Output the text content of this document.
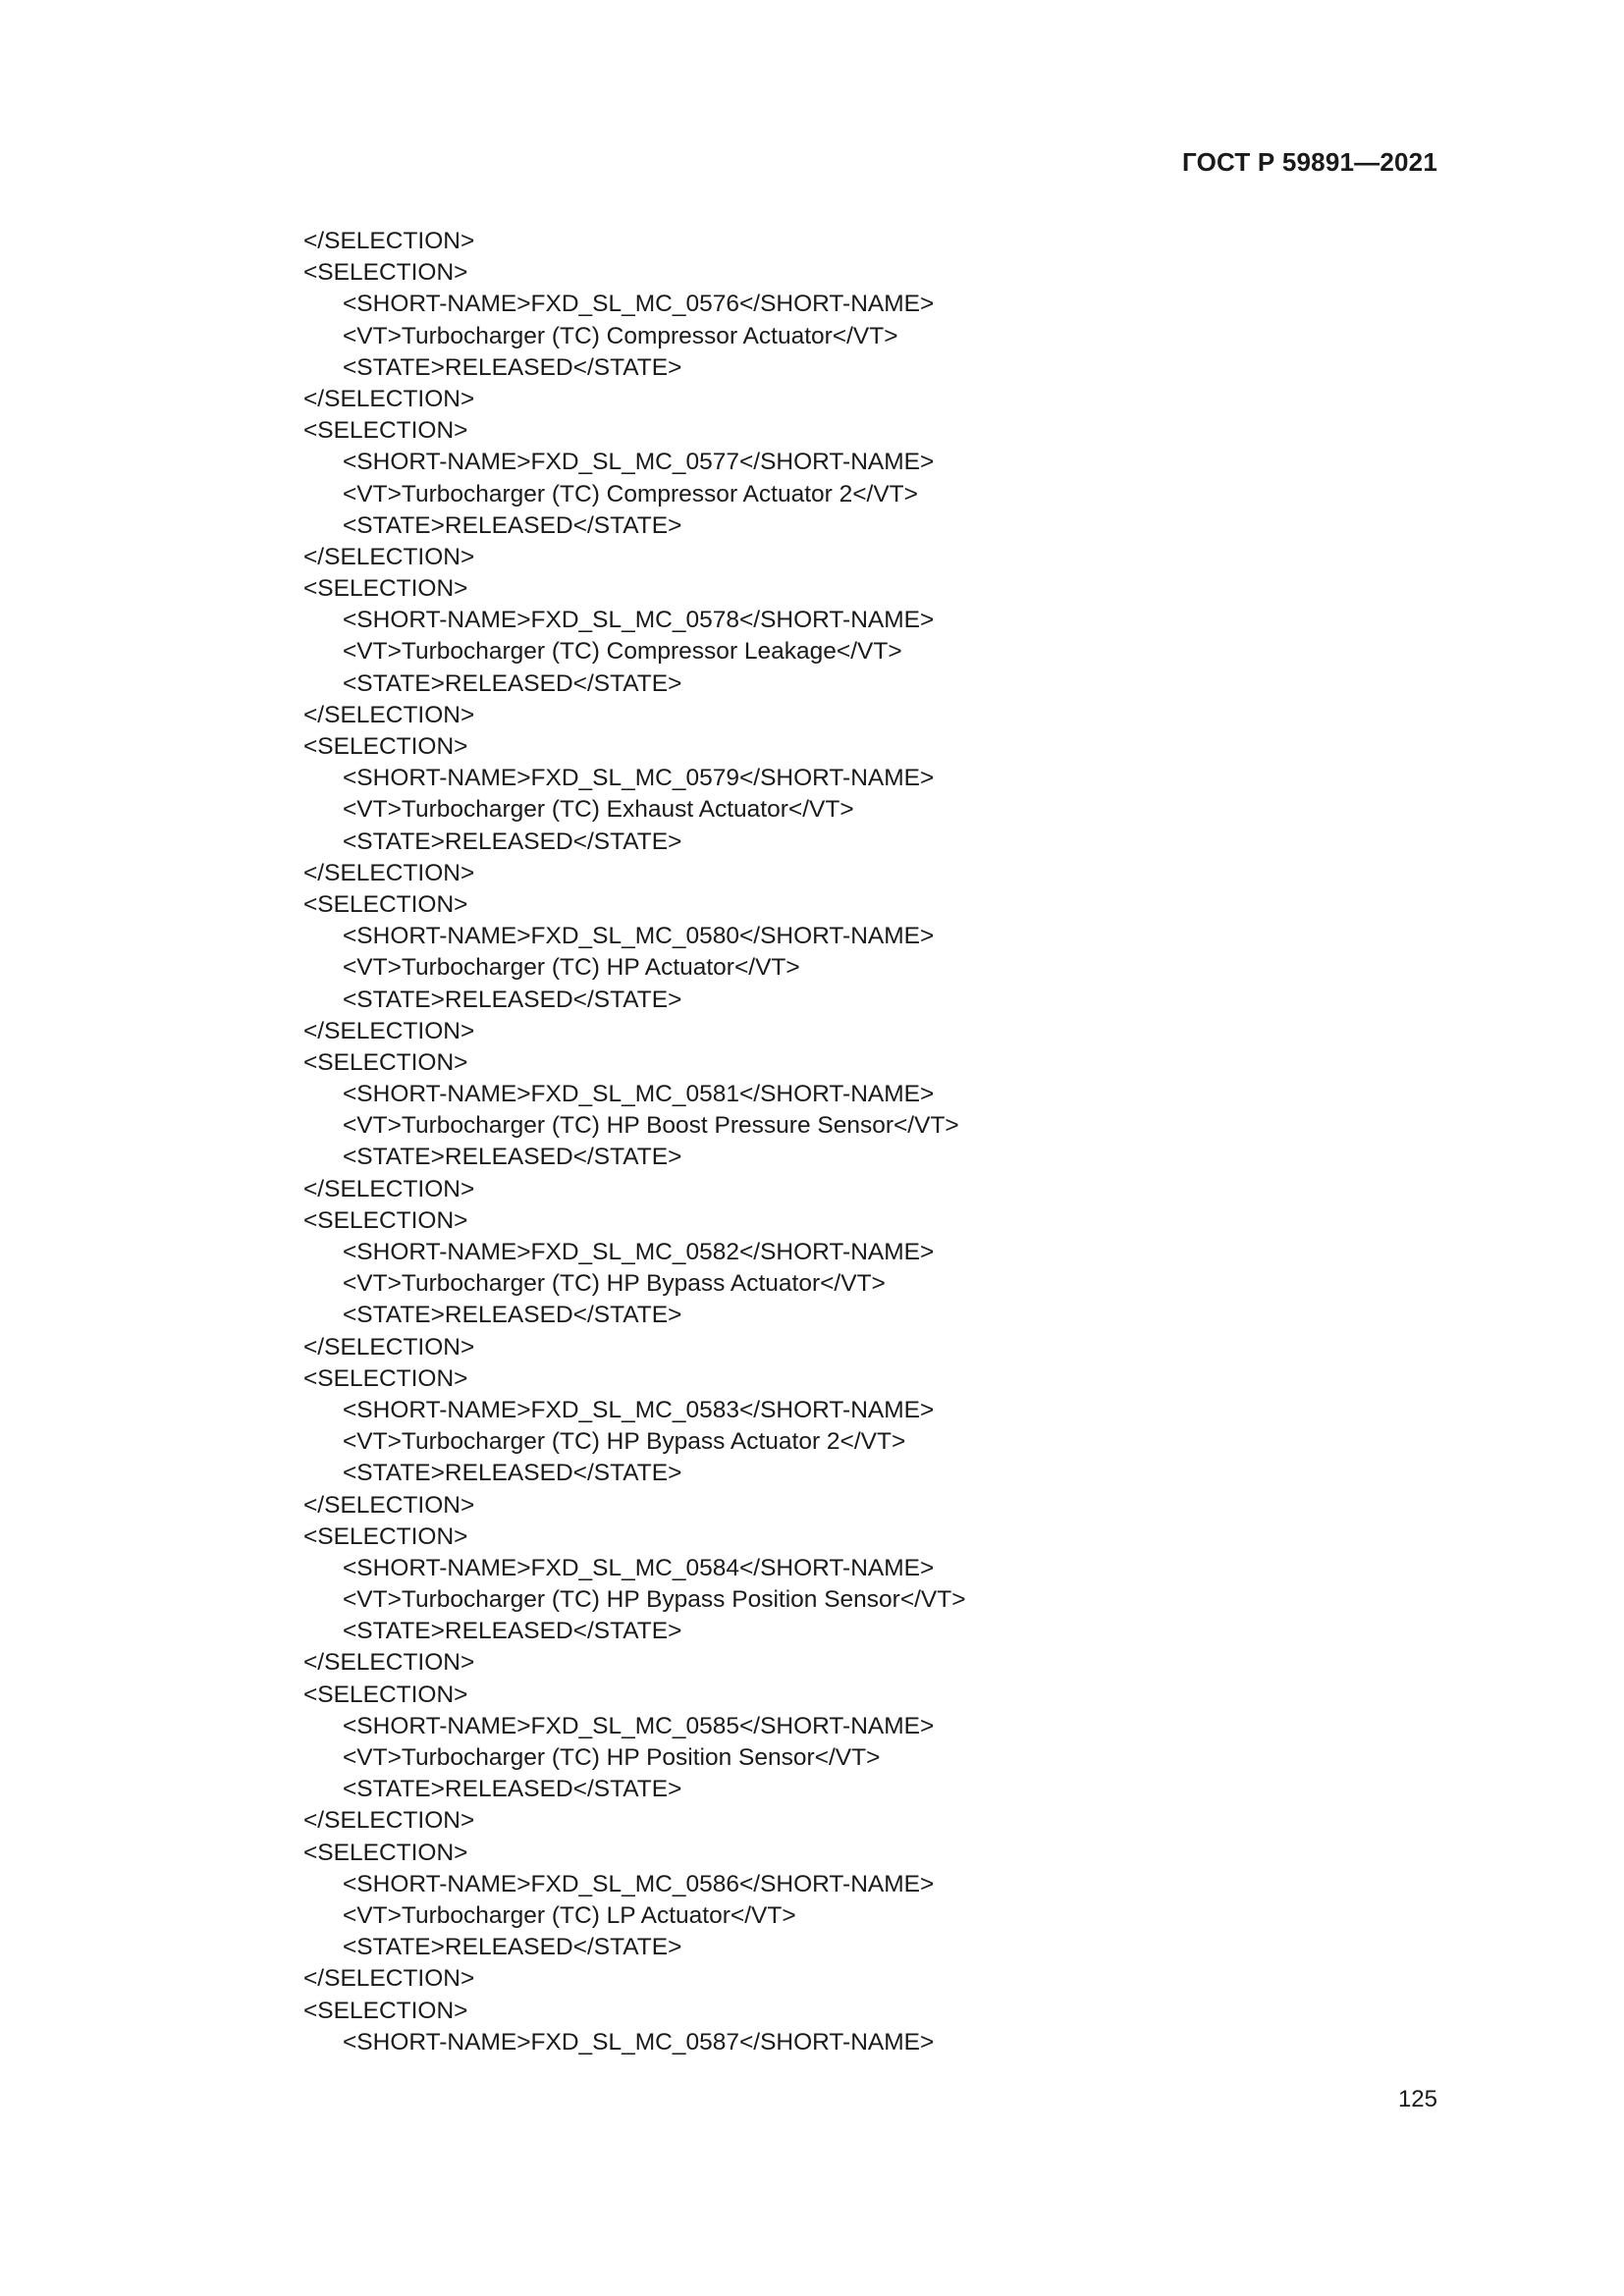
ГОСТ Р 59891—2021
</SELECTION>
<SELECTION>
<SHORT-NAME>FXD_SL_MC_0576</SHORT-NAME>
<VT>Turbocharger (TC) Compressor Actuator</VT>
<STATE>RELEASED</STATE>
</SELECTION>
<SELECTION>
<SHORT-NAME>FXD_SL_MC_0577</SHORT-NAME>
<VT>Turbocharger (TC) Compressor Actuator 2</VT>
<STATE>RELEASED</STATE>
</SELECTION>
<SELECTION>
<SHORT-NAME>FXD_SL_MC_0578</SHORT-NAME>
<VT>Turbocharger (TC) Compressor Leakage</VT>
<STATE>RELEASED</STATE>
</SELECTION>
<SELECTION>
<SHORT-NAME>FXD_SL_MC_0579</SHORT-NAME>
<VT>Turbocharger (TC) Exhaust Actuator</VT>
<STATE>RELEASED</STATE>
</SELECTION>
<SELECTION>
<SHORT-NAME>FXD_SL_MC_0580</SHORT-NAME>
<VT>Turbocharger (TC) HP Actuator</VT>
<STATE>RELEASED</STATE>
</SELECTION>
<SELECTION>
<SHORT-NAME>FXD_SL_MC_0581</SHORT-NAME>
<VT>Turbocharger (TC) HP Boost Pressure Sensor</VT>
<STATE>RELEASED</STATE>
</SELECTION>
<SELECTION>
<SHORT-NAME>FXD_SL_MC_0582</SHORT-NAME>
<VT>Turbocharger (TC) HP Bypass Actuator</VT>
<STATE>RELEASED</STATE>
</SELECTION>
<SELECTION>
<SHORT-NAME>FXD_SL_MC_0583</SHORT-NAME>
<VT>Turbocharger (TC) HP Bypass Actuator 2</VT>
<STATE>RELEASED</STATE>
</SELECTION>
<SELECTION>
<SHORT-NAME>FXD_SL_MC_0584</SHORT-NAME>
<VT>Turbocharger (TC) HP Bypass Position Sensor</VT>
<STATE>RELEASED</STATE>
</SELECTION>
<SELECTION>
<SHORT-NAME>FXD_SL_MC_0585</SHORT-NAME>
<VT>Turbocharger (TC) HP Position Sensor</VT>
<STATE>RELEASED</STATE>
</SELECTION>
<SELECTION>
<SHORT-NAME>FXD_SL_MC_0586</SHORT-NAME>
<VT>Turbocharger (TC) LP Actuator</VT>
<STATE>RELEASED</STATE>
</SELECTION>
<SELECTION>
<SHORT-NAME>FXD_SL_MC_0587</SHORT-NAME>
125
